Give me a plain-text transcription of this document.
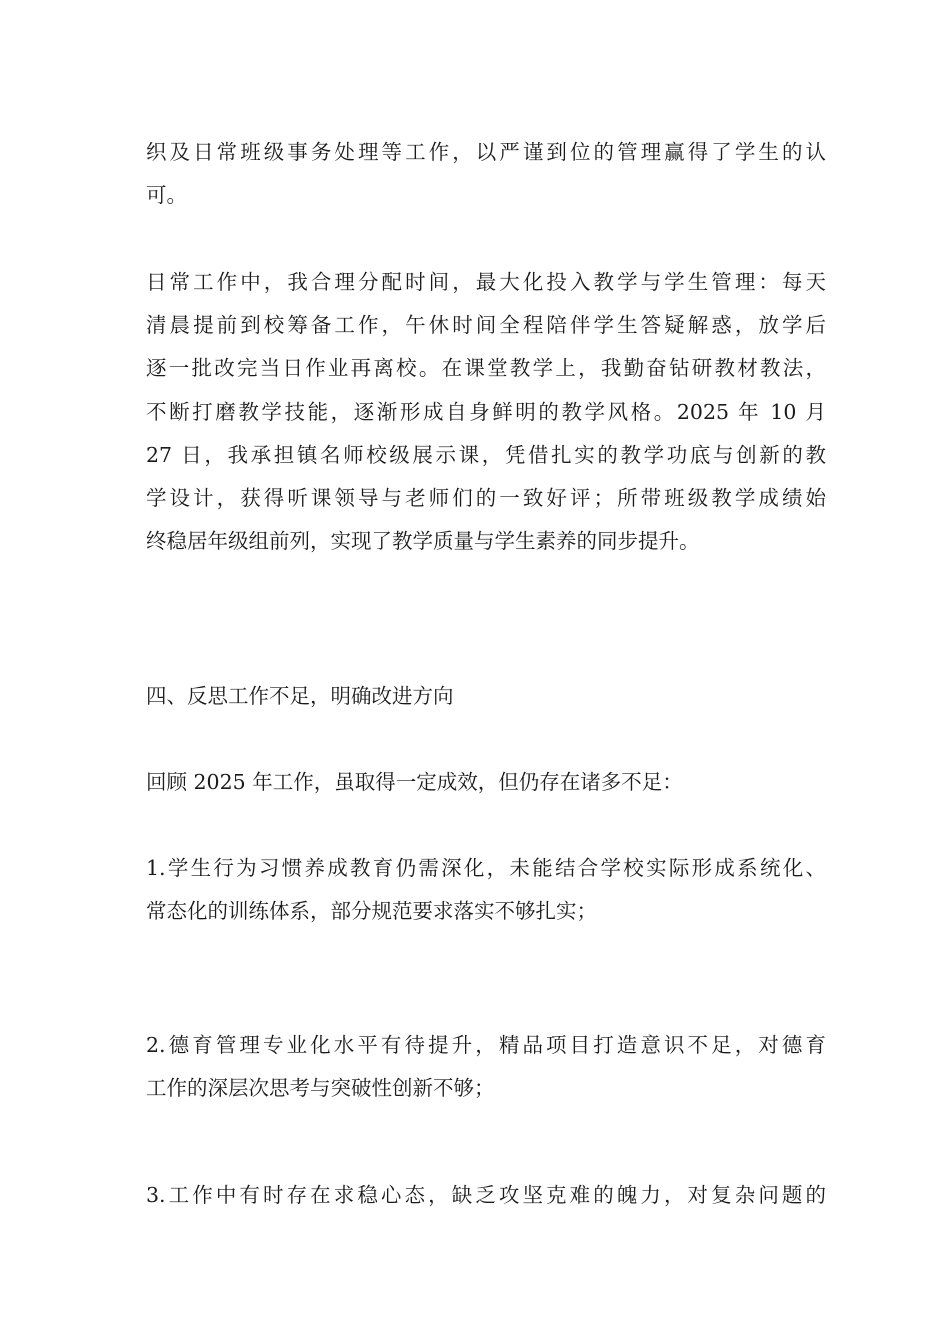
织及日常班级事务处理等工作，以严谨到位的管理赢得了学生的认
可。
日常工作中，我合理分配时间，最大化投入教学与学生管理：每天
清晨提前到校筹备工作，午休时间全程陪伴学生答疑解惑，放学后
逐一批改完当日作业再离校。在课堂教学上，我勤奋钻研教材教法，
不断打磨教学技能，逐渐形成自身鲜明的教学风格。2025 年 10 月
27 日，我承担镇名师校级展示课，凭借扎实的教学功底与创新的教
学设计，获得听课领导与老师们的一致好评；所带班级教学成绩始
终稳居年级组前列，实现了教学质量与学生素养的同步提升。
四、反思工作不足，明确改进方向
回顾 2025 年工作，虽取得一定成效，但仍存在诸多不足：
1.学生行为习惯养成教育仍需深化，未能结合学校实际形成系统化、
常态化的训练体系，部分规范要求落实不够扎实；
2.德育管理专业化水平有待提升，精品项目打造意识不足，对德育
工作的深层次思考与突破性创新不够；
3.工作中有时存在求稳心态，缺乏攻坚克难的魄力，对复杂问题的
